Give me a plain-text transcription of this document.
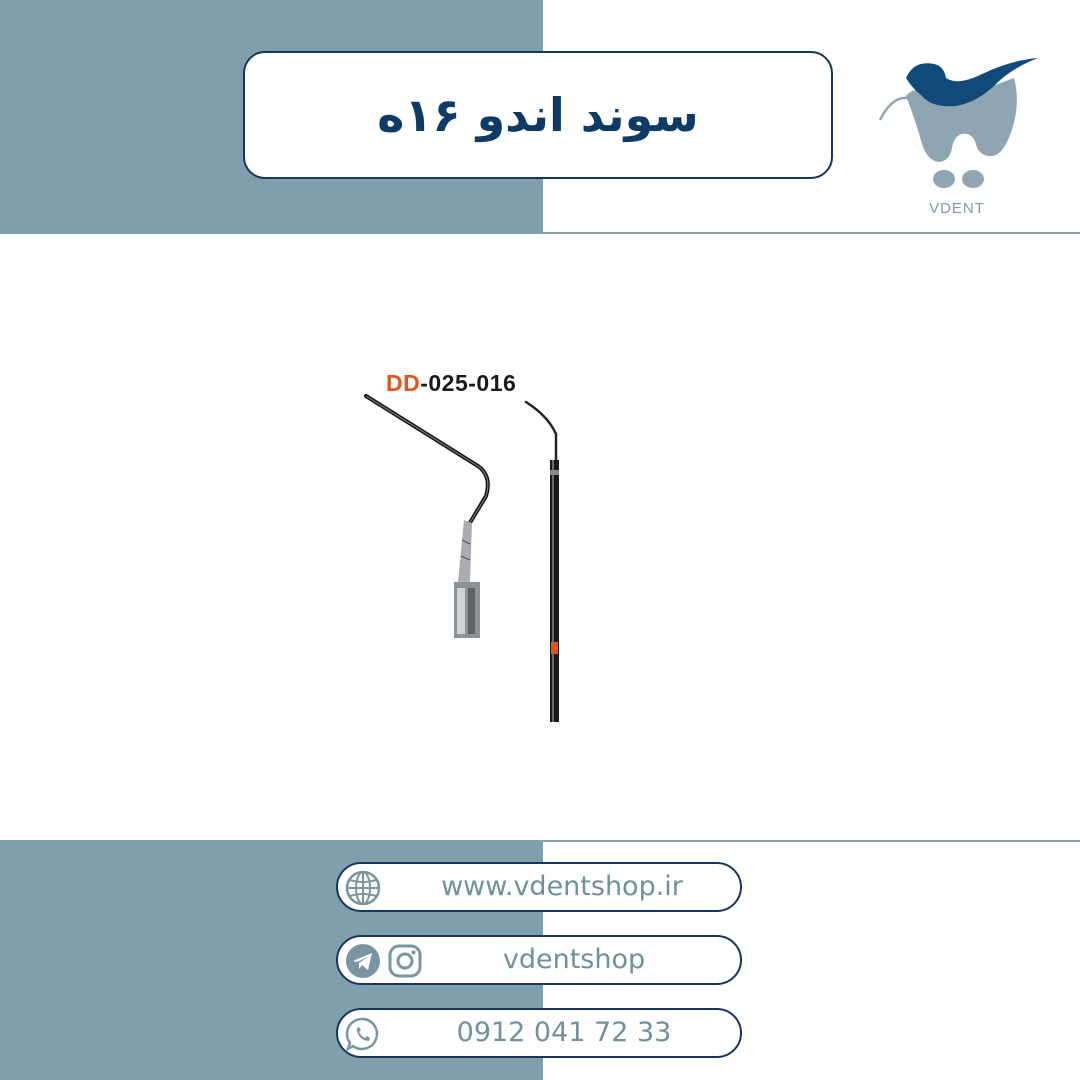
سوند اندو ۱۶ه
VDENT
DD-025-016
www.vdentshop.ir
vdentshop
0912 041 72 33
